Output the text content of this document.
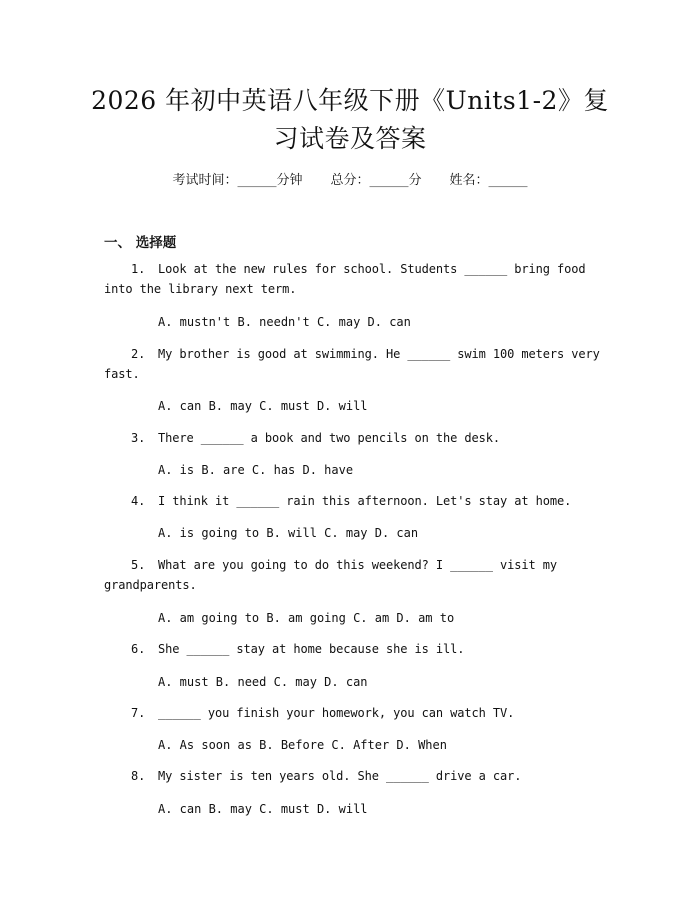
2026 年初中英语八年级下册《Units1-2》复
习试卷及答案
考试时间：______分钟 总分：______分 姓名：______
一、 选择题
1. Look at the new rules for school. Students ______ bring food into the library next term.
A. mustn't B. needn't C. may D. can
2. My brother is good at swimming. He ______ swim 100 meters very fast.
A. can B. may C. must D. will
3. There ______ a book and two pencils on the desk.
A. is B. are C. has D. have
4. I think it ______ rain this afternoon. Let's stay at home.
A. is going to B. will C. may D. can
5. What are you going to do this weekend? I ______ visit my grandparents.
A. am going to B. am going C. am D. am to
6. She ______ stay at home because she is ill.
A. must B. need C. may D. can
7. ______ you finish your homework, you can watch TV.
A. As soon as B. Before C. After D. When
8. My sister is ten years old. She ______ drive a car.
A. can B. may C. must D. will
